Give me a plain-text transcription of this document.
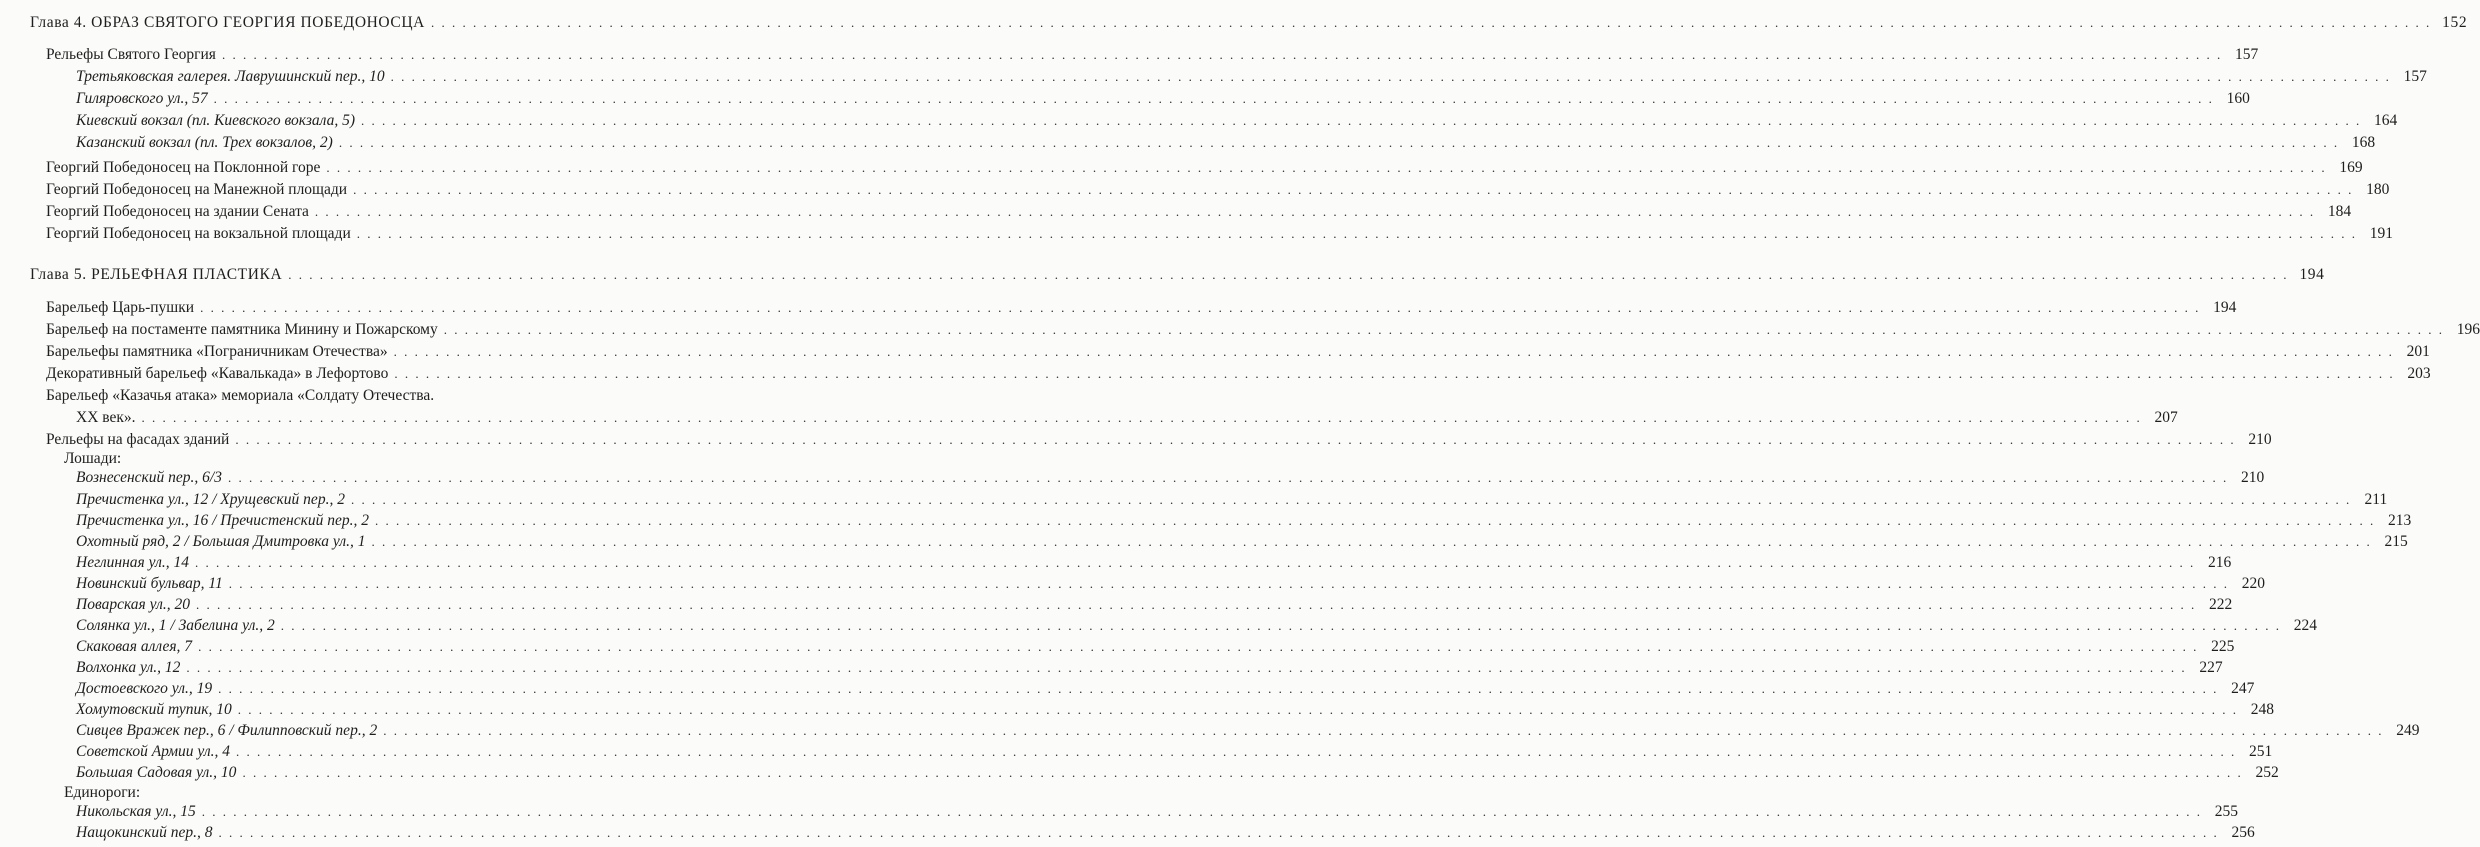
Глава 4. ОБРАЗ СВЯТОГО ГЕОРГИЯ ПОБЕДОНОСЦА . . .	152
Рельефы Святого Георгия . . .	157
Третьяковская галерея. Лаврушинский пер., 10 . . .	157
Гиляровского ул., 57 . . .	160
Киевский вокзал (пл. Киевского вокзала, 5) . . .	164
Казанский вокзал (пл. Трех вокзалов, 2) . . .	168
Георгий Победоносец на Поклонной горе . . .	169
Георгий Победоносец на Манежной площади . . .	180
Георгий Победоносец на здании Сената . . .	184
Георгий Победоносец на вокзальной площади . . .	191
Глава 5. РЕЛЬЕФНАЯ ПЛАСТИКА . . .	194
Барельеф Царь-пушки . . .	194
Барельеф на постаменте памятника Минину и Пожарскому . . .	196
Барельефы памятника «Пограничникам Отечества» . . .	201
Декоративный барельеф «Кавалькада» в Лефортово . . .	203
Барельеф «Казачья атака» мемориала «Солдату Отечества.
XX век». . . .	207
Рельефы на фасадах зданий . . .	210
Лошади:
Вознесенский пер., 6/3 . . .	210
Пречистенка ул., 12 / Хрущевский пер., 2 . . .	211
Пречистенка ул., 16 / Пречистенский пер., 2 . . .	213
Охотный ряд, 2 / Большая Дмитровка ул., 1 . . .	215
Неглинная ул., 14 . . .	216
Новинский бульвар, 11 . . .	220
Поварская ул., 20 . . .	222
Солянка ул., 1 / Забелина ул., 2 . . .	224
Скаковая аллея, 7 . . .	225
Волхонка ул., 12 . . .	227
Достоевского ул., 19 . . .	247
Хомутовский тупик, 10 . . .	248
Сивцев Вражек пер., 6 / Филипповский пер., 2 . . .	249
Советской Армии ул., 4 . . .	251
Большая Садовая ул., 10 . . .	252
Единороги:
Никольская ул., 15 . . .	255
Нащокинский пер., 8 . . .	256
